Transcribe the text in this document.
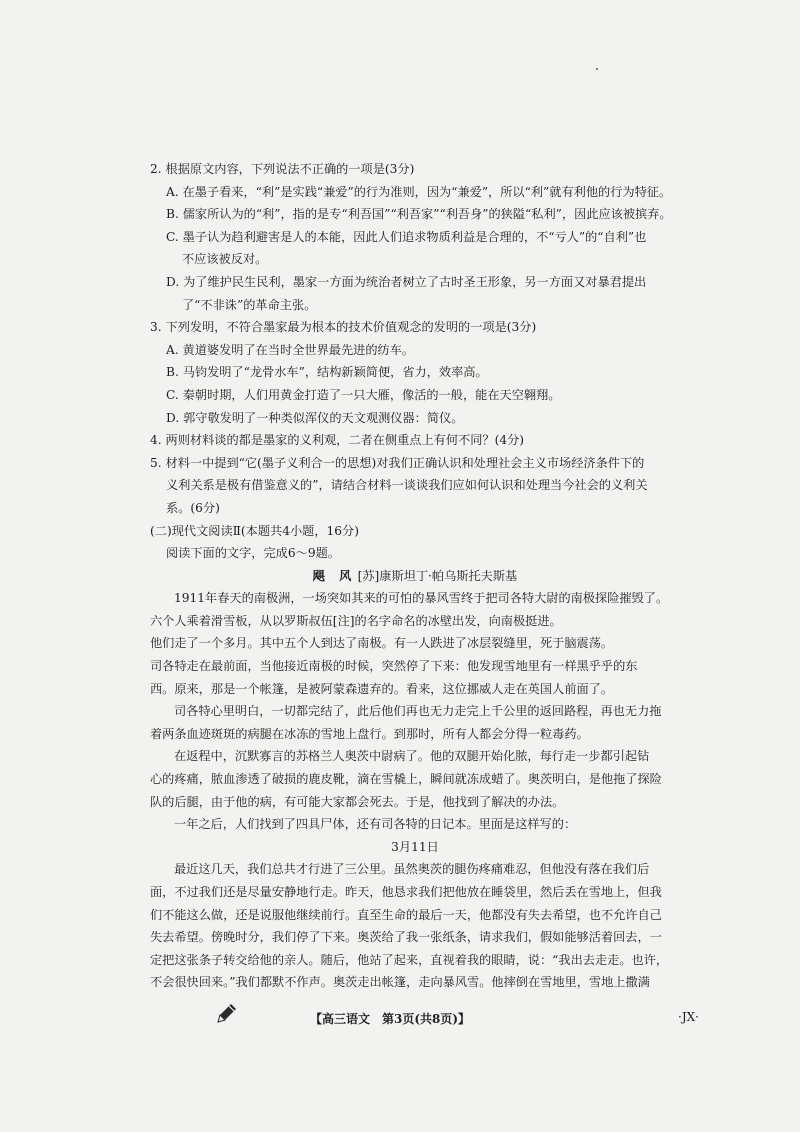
2. 根据原文内容，下列说法不正确的一项是(3分)
A. 在墨子看来，“利”是实践“兼爱”的行为准则，因为“兼爱”，所以“利”就有利他的行为特征。
B. 儒家所认为的“利”，指的是专“利吾国”“利吾家”“利吾身”的狭隘“私利”，因此应该被摈弃。
C. 墨子认为趋利避害是人的本能，因此人们追求物质利益是合理的，不“亏人”的“自利”也
不应该被反对。
D. 为了维护民生民利，墨家一方面为统治者树立了古时圣王形象，另一方面又对暴君提出
了“不非诛”的革命主张。
3. 下列发明，不符合墨家最为根本的技术价值观念的发明的一项是(3分)
A. 黄道婆发明了在当时全世界最先进的纺车。
B. 马钧发明了“龙骨水车”，结构新颖简便，省力，效率高。
C. 秦朝时期，人们用黄金打造了一只大雁，像活的一般，能在天空翱翔。
D. 郭守敬发明了一种类似浑仪的天文观测仪器：简仪。
4. 两则材料谈的都是墨家的义利观，二者在侧重点上有何不同？(4分)
5. 材料一中提到“它(墨子义利合一的思想)对我们正确认识和处理社会主义市场经济条件下的
义利关系是极有借鉴意义的”，请结合材料一谈谈我们应如何认识和处理当今社会的义利关
系。(6分)
(二)现代文阅读Ⅱ(本题共4小题，16分)
阅读下面的文字，完成6～9题。
飓　风 [苏]康斯坦丁·帕乌斯托夫斯基
1911年春天的南极洲，一场突如其来的可怕的暴风雪终于把司各特大尉的南极探险摧毁了。
六个人乘着滑雪板，从以罗斯叔伍[注]的名字命名的冰壁出发，向南极挺进。
他们走了一个多月。其中五个人到达了南极。有一人跌进了冰层裂缝里，死于脑震荡。
司各特走在最前面，当他接近南极的时候，突然停了下来：他发现雪地里有一样黑乎乎的东
西。原来，那是一个帐篷，是被阿蒙森遗弃的。看来，这位挪威人走在英国人前面了。
司各特心里明白，一切都完结了，此后他们再也无力走完上千公里的返回路程，再也无力拖
着两条血迹斑斑的病腿在冰冻的雪地上盘行。到那时，所有人都会分得一粒毒药。
在返程中，沉默寡言的苏格兰人奥茨中尉病了。他的双腿开始化脓，每行走一步都引起钻
心的疼痛，脓血渗透了破损的鹿皮靴，滴在雪橇上，瞬间就冻成蜡了。奥茨明白，是他拖了探险
队的后腿，由于他的病，有可能大家都会死去。于是，他找到了解决的办法。
一年之后，人们找到了四具尸体，还有司各特的日记本。里面是这样写的：
3月11日
最近这几天，我们总共才行进了三公里。虽然奥茨的腿伤疼痛难忍，但他没有落在我们后
面，不过我们还是尽量安静地行走。昨天，他恳求我们把他放在睡袋里，然后丢在雪地上，但我
们不能这么做，还是说服他继续前行。直至生命的最后一天，他都没有失去希望，也不允许自己
失去希望。傍晚时分，我们停了下来。奥茨给了我一张纸条，请求我们，假如能够活着回去，一
定把这张条子转交给他的亲人。随后，他站了起来，直视着我的眼睛，说：“我出去走走。也许，
不会很快回来。”我们都默不作声。奥茨走出帐篷，走向暴风雪。他摔倒在雪地里，雪地上撒满
【高三语文　第3页(共8页)】	·JX·
